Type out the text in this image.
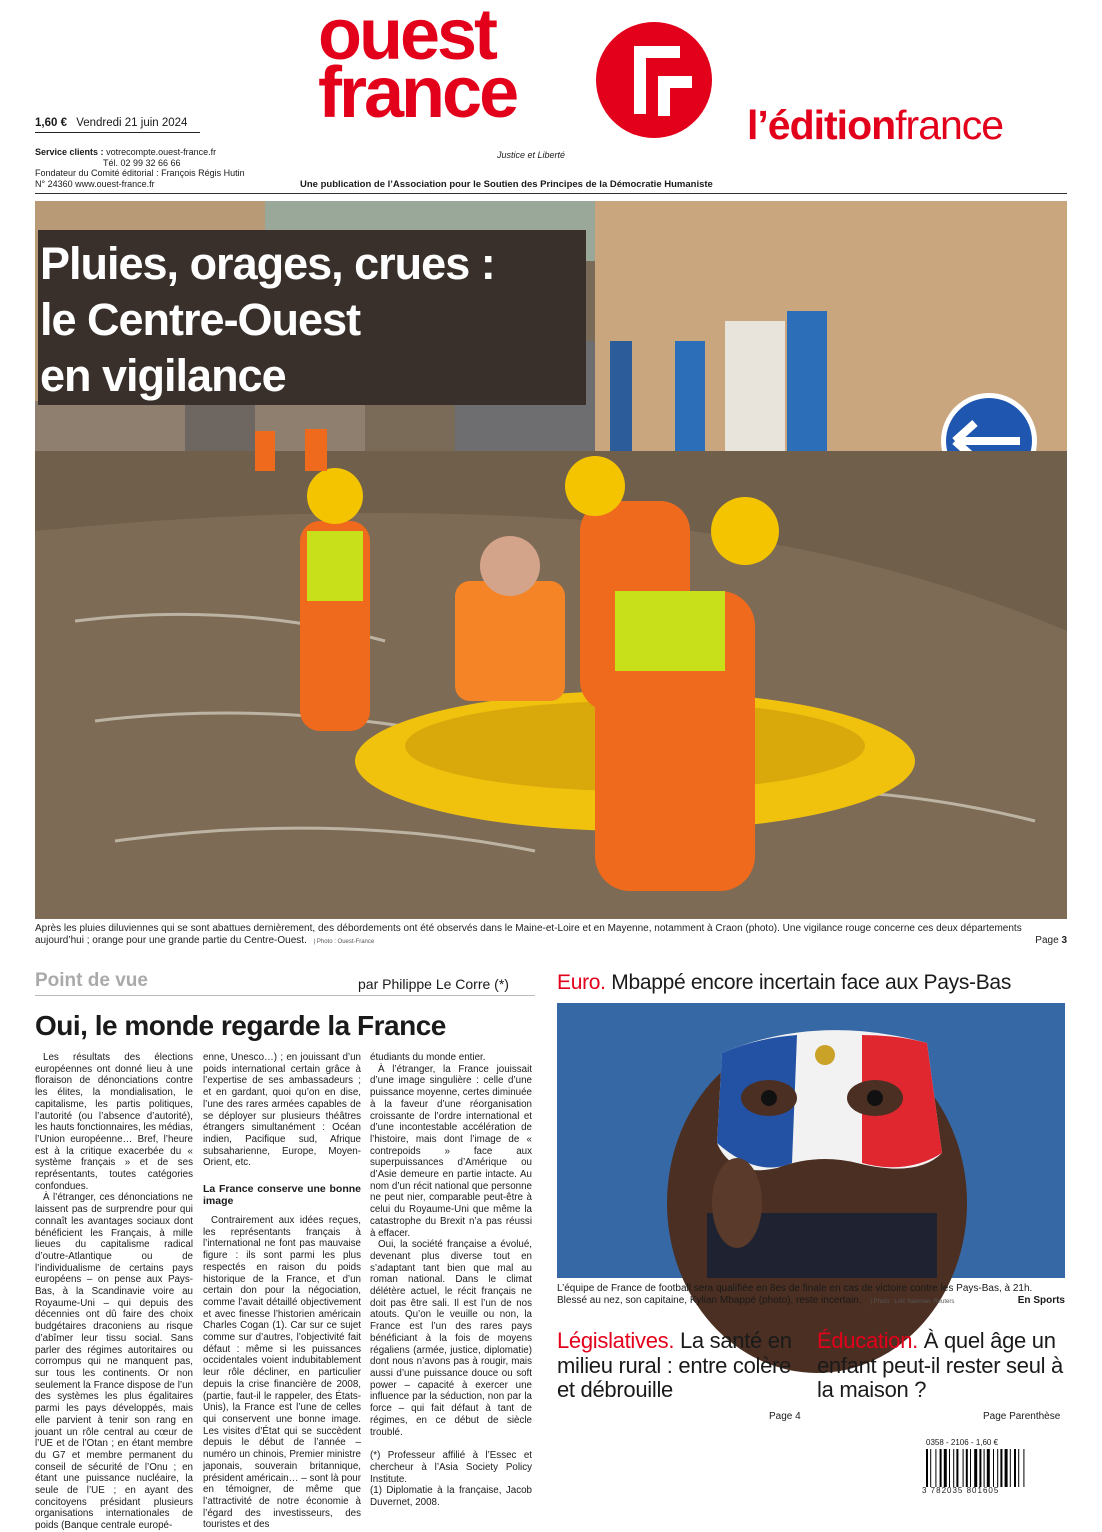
1,60 € Vendredi 21 juin 2024
Service clients : votrecompte.ouest-france.fr
Tél. 02 99 32 66 66
Fondateur du Comité éditorial : François Régis Hutin
N° 24360 www.ouest-france.fr
ouest
france
Justice et Liberté
l’éditionfrance
Une publication de l’Association pour le Soutien des Principes de la Démocratie Humaniste
Pluies, orages, crues :
le Centre-Ouest
en vigilance
Après les pluies diluviennes qui se sont abattues dernièrement, des débordements ont été observés dans le Maine-et-Loire et en Mayenne, notamment à Craon (photo). Une vigilance rouge concerne ces deux départements aujourd’hui ; orange pour une grande partie du Centre-Ouest. | Photo : Ouest-France	Page 3
Point de vue	par Philippe Le Corre (*)
Oui, le monde regarde la France

Les résultats des élections européennes ont donné lieu à une floraison de dénonciations contre les élites, la mondialisation, le capitalisme, les partis politiques, l’autorité (ou l’absence d’autorité), les hauts fonctionnaires, les médias, l’Union européenne… Bref, l’heure est à la critique exacerbée du « système français » et de ses représentants, toutes catégories confondues.

À l’étranger, ces dénonciations ne laissent pas de surprendre pour qui connaît les avantages sociaux dont bénéficient les Français, à mille lieues du capitalisme radical d’outre-Atlantique ou de l’individualisme de certains pays européens – on pense aux Pays-Bas, à la Scandinavie voire au Royaume-Uni – qui depuis des décennies ont dû faire des choix budgétaires draconiens au risque d’abîmer leur tissu social. Sans parler des régimes autoritaires ou corrompus qui ne manquent pas, sur tous les continents. Or non seulement la France dispose de l’un des systèmes les plus égalitaires parmi les pays développés, mais elle parvient à tenir son rang en jouant un rôle central au cœur de l’UE et de l’Otan ; en étant membre du G7 et membre permanent du conseil de sécurité de l’Onu ; en étant une puissance nucléaire, la seule de l’UE ; en ayant des concitoyens présidant plusieurs organisations internationales de poids (Banque centrale europé-

enne, Unesco…) ; en jouissant d’un poids international certain grâce à l’expertise de ses ambassadeurs ; et en gardant, quoi qu’on en dise, l’une des rares armées capables de se déployer sur plusieurs théâtres étrangers simultanément : Océan indien, Pacifique sud, Afrique subsaharienne, Europe, Moyen-Orient, etc.

La France conserve une bonne image

Contrairement aux idées reçues, les représentants français à l’international ne font pas mauvaise figure : ils sont parmi les plus respectés en raison du poids historique de la France, et d’un certain don pour la négociation, comme l’avait détaillé objectivement et avec finesse l’historien américain Charles Cogan (1). Car sur ce sujet comme sur d’autres, l’objectivité fait défaut : même si les puissances occidentales voient indubitablement leur rôle décliner, en particulier depuis la crise financière de 2008, (partie, faut-il le rappeler, des États-Unis), la France est l’une de celles qui conservent une bonne image. Les visites d’État qui se succèdent depuis le début de l’année – numéro un chinois, Premier ministre japonais, souverain britannique, président américain… – sont là pour en témoigner, de même que l’attractivité de notre économie à l’égard des investisseurs, des touristes et des

étudiants du monde entier.

À l’étranger, la France jouissait d’une image singulière : celle d’une puissance moyenne, certes diminuée à la faveur d’une réorganisation croissante de l’ordre international et d’une incontestable accélération de l’histoire, mais dont l’image de « contrepoids » face aux superpuissances d’Amérique ou d’Asie demeure en partie intacte. Au nom d’un récit national que personne ne peut nier, comparable peut-être à celui du Royaume-Uni que même la catastrophe du Brexit n’a pas réussi à effacer.

Oui, la société française a évolué, devenant plus diverse tout en s’adaptant tant bien que mal au roman national. Dans le climat délétère actuel, le récit français ne doit pas être sali. Il est l’un de nos atouts. Qu’on le veuille ou non, la France est l’un des rares pays bénéficiant à la fois de moyens régaliens (armée, justice, diplomatie) dont nous n’avons pas à rougir, mais aussi d’une puissance douce ou soft power – capacité à exercer une influence par la séduction, non par la force – qui fait défaut à tant de régimes, en ce début de siècle troublé.

(*) Professeur affilié à l’Essec et chercheur à l’Asia Society Policy Institute.

(1) Diplomatie à la française, Jacob Duvernet, 2008.

Euro. Mbappé encore incertain face aux Pays-Bas
L’équipe de France de football sera qualifiée en 8es de finale en cas de victoire contre les Pays-Bas, à 21h. Blessé au nez, son capitaine, Kylian Mbappé (photo), reste incertain. | Photo : Loïc Naenner, Reuters	En Sports
Législatives. La santé en milieu rural : entre colère et débrouille
Page 4
Éducation. À quel âge un enfant peut-il rester seul à la maison ?
Page Parenthèse
0358 - 2106 - 1,60 €
3 782035 801605
